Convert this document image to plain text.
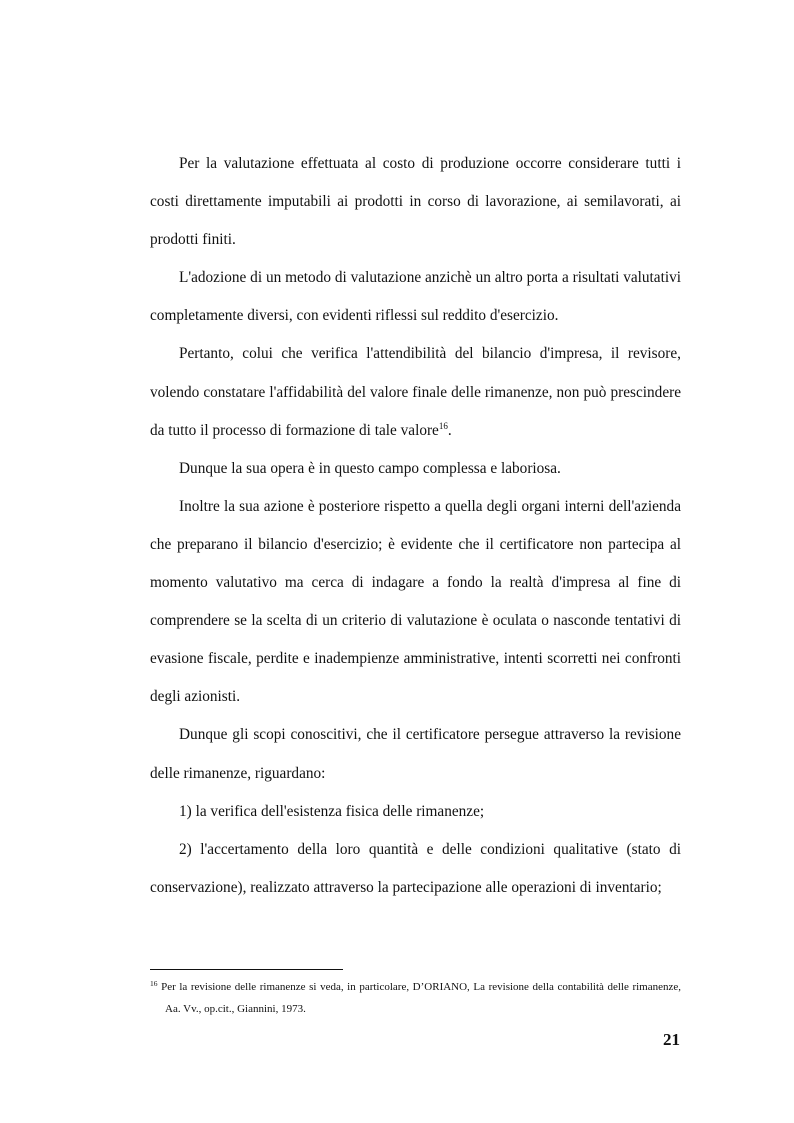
Per la valutazione effettuata al costo di produzione occorre considerare tutti i costi direttamente imputabili ai prodotti in corso di lavorazione, ai semilavorati, ai prodotti finiti.

L'adozione di un metodo di valutazione anzichè un altro porta a risultati valutativi completamente diversi, con evidenti riflessi sul reddito d'esercizio.

Pertanto, colui che verifica l'attendibilità del bilancio d'impresa, il revisore, volendo constatare l'affidabilità del valore finale delle rimanenze, non può prescindere da tutto il processo di formazione di tale valore$^{16}$.

Dunque la sua opera è in questo campo complessa e laboriosa.

Inoltre la sua azione è posteriore rispetto a quella degli organi interni dell'azienda che preparano il bilancio d'esercizio; è evidente che il certificatore non partecipa al momento valutativo ma cerca di indagare a fondo la realtà d'impresa al fine di comprendere se la scelta di un criterio di valutazione è oculata o nasconde tentativi di evasione fiscale, perdite e inadempienze amministrative, intenti scorretti nei confronti degli azionisti.

Dunque gli scopi conoscitivi, che il certificatore persegue attraverso la revisione delle rimanenze, riguardano:

1) la verifica dell'esistenza fisica delle rimanenze;

2) l'accertamento della loro quantità e delle condizioni qualitative (stato di conservazione), realizzato attraverso la partecipazione alle operazioni di inventario;

$^{16}$ Per la revisione delle rimanenze si veda, in particolare, D’ORIANO, La revisione della contabilità delle rimanenze, Aa. Vv., op.cit., Giannini, 1973.
21
